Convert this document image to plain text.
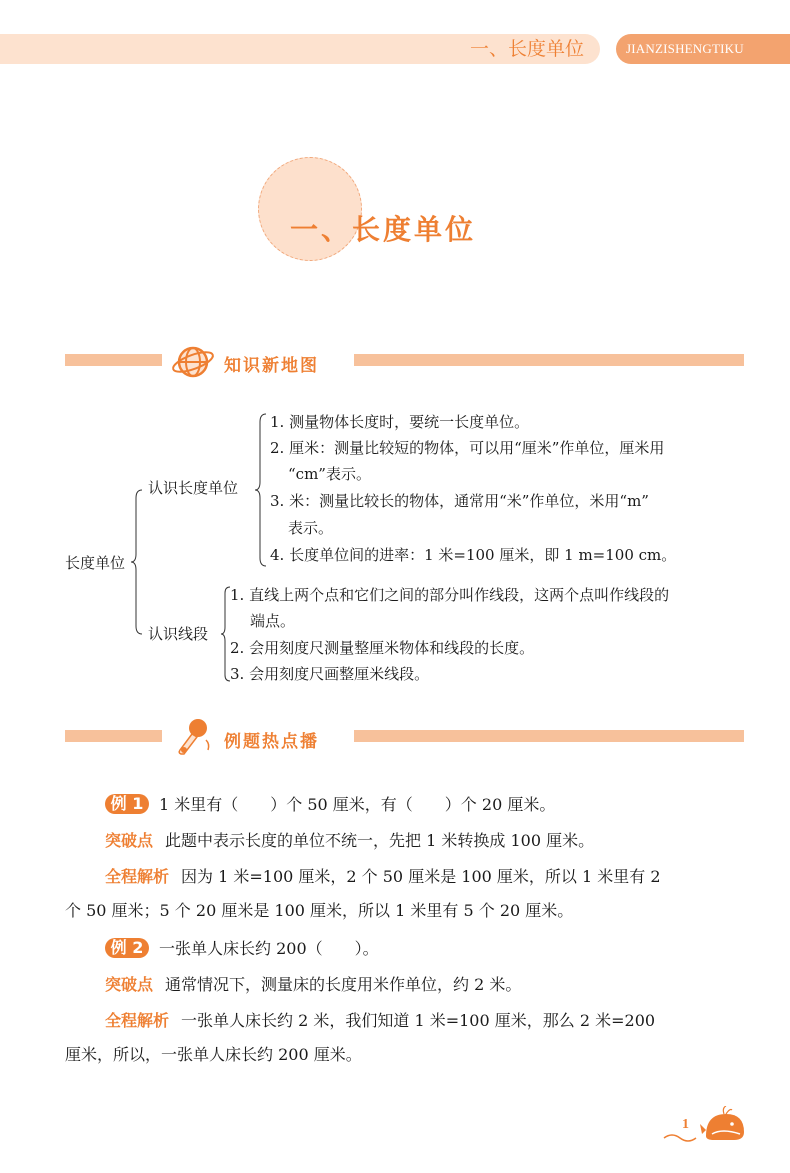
一、长度单位	JIANZISHENGTIKU
一、长度单位
知识新地图
长度单位
认识长度单位
1. 测量物体长度时，要统一长度单位。
2. 厘米：测量比较短的物体，可以用“厘米”作单位，厘米用
“cm”表示。
3. 米：测量比较长的物体，通常用“米”作单位，米用“m”
表示。
4. 长度单位间的进率：1 米=100 厘米，即 1 m=100 cm。
认识线段
1. 直线上两个点和它们之间的部分叫作线段，这两个点叫作线段的
端点。
2. 会用刻度尺测量整厘米物体和线段的长度。
3. 会用刻度尺画整厘米线段。
例题热点播
例 1 1 米里有（　　）个 50 厘米，有（　　）个 20 厘米。
突破点 此题中表示长度的单位不统一，先把 1 米转换成 100 厘米。
全程解析 因为 1 米=100 厘米，2 个 50 厘米是 100 厘米，所以 1 米里有 2
个 50 厘米；5 个 20 厘米是 100 厘米，所以 1 米里有 5 个 20 厘米。
例 2 一张单人床长约 200（　　）。
突破点 通常情况下，测量床的长度用米作单位，约 2 米。
全程解析 一张单人床长约 2 米，我们知道 1 米=100 厘米，那么 2 米=200
厘米，所以，一张单人床长约 200 厘米。
1
